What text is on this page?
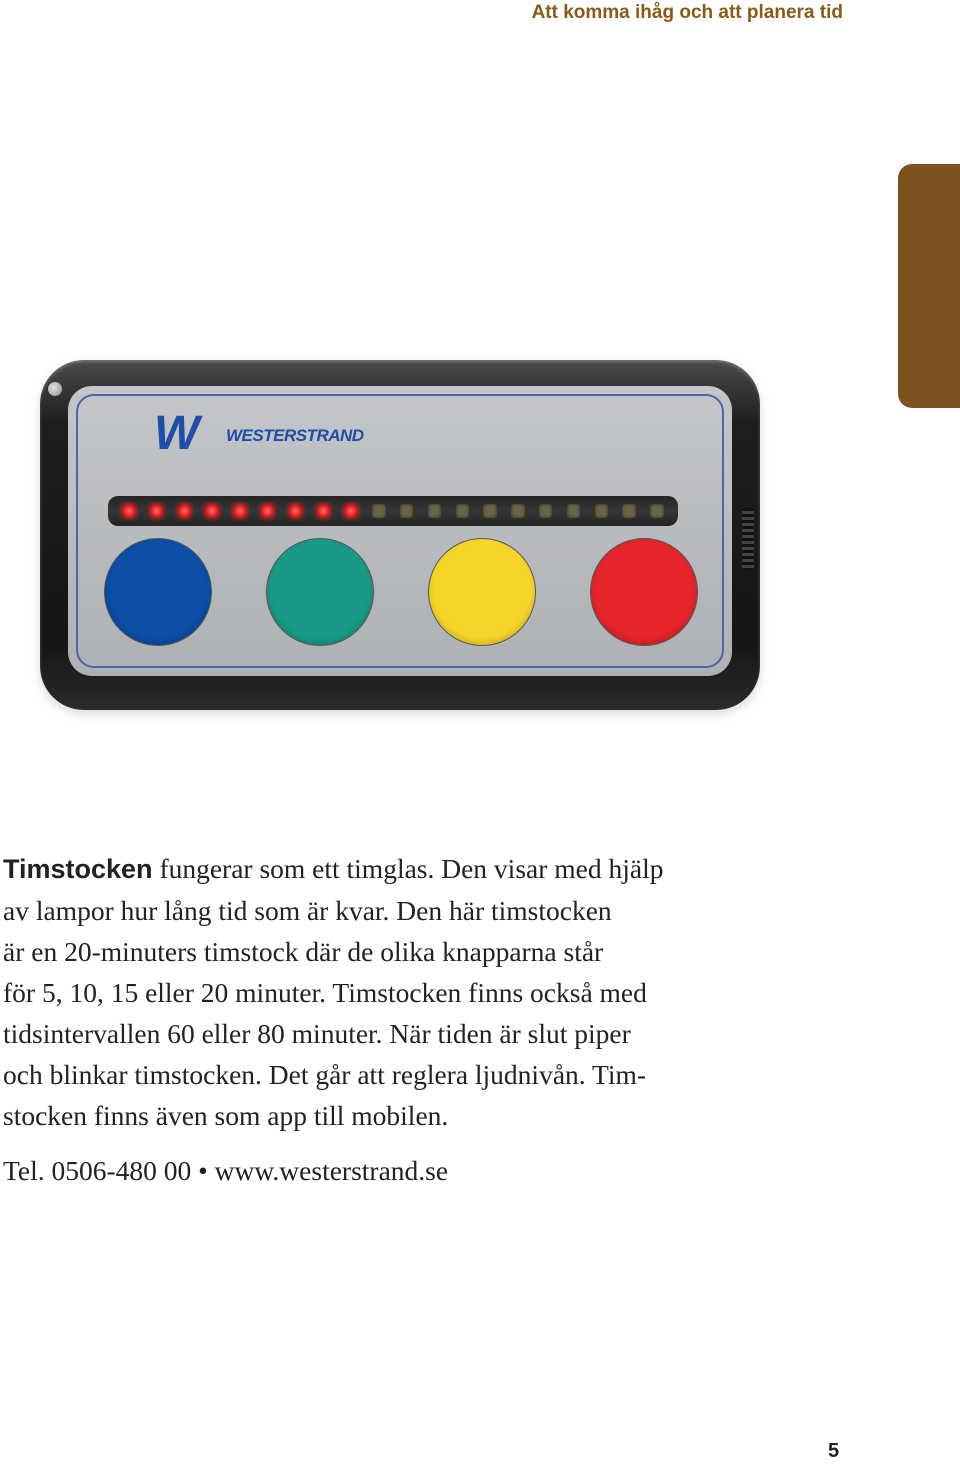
Att komma ihåg och att planera tid
W WESTERSTRAND

Timstocken fungerar som ett timglas. Den visar med hjälp
av lampor hur lång tid som är kvar. Den här timstocken
är en 20-minuters timstock där de olika knapparna står
för 5, 10, 15 eller 20 minuter. Timstocken finns också med
tidsintervallen 60 eller 80 minuter. När tiden är slut piper
och blinkar timstocken. Det går att reglera ljudnivån. Tim-
stocken finns även som app till mobilen.

Tel. 0506-480 00 • www.westerstrand.se

5
